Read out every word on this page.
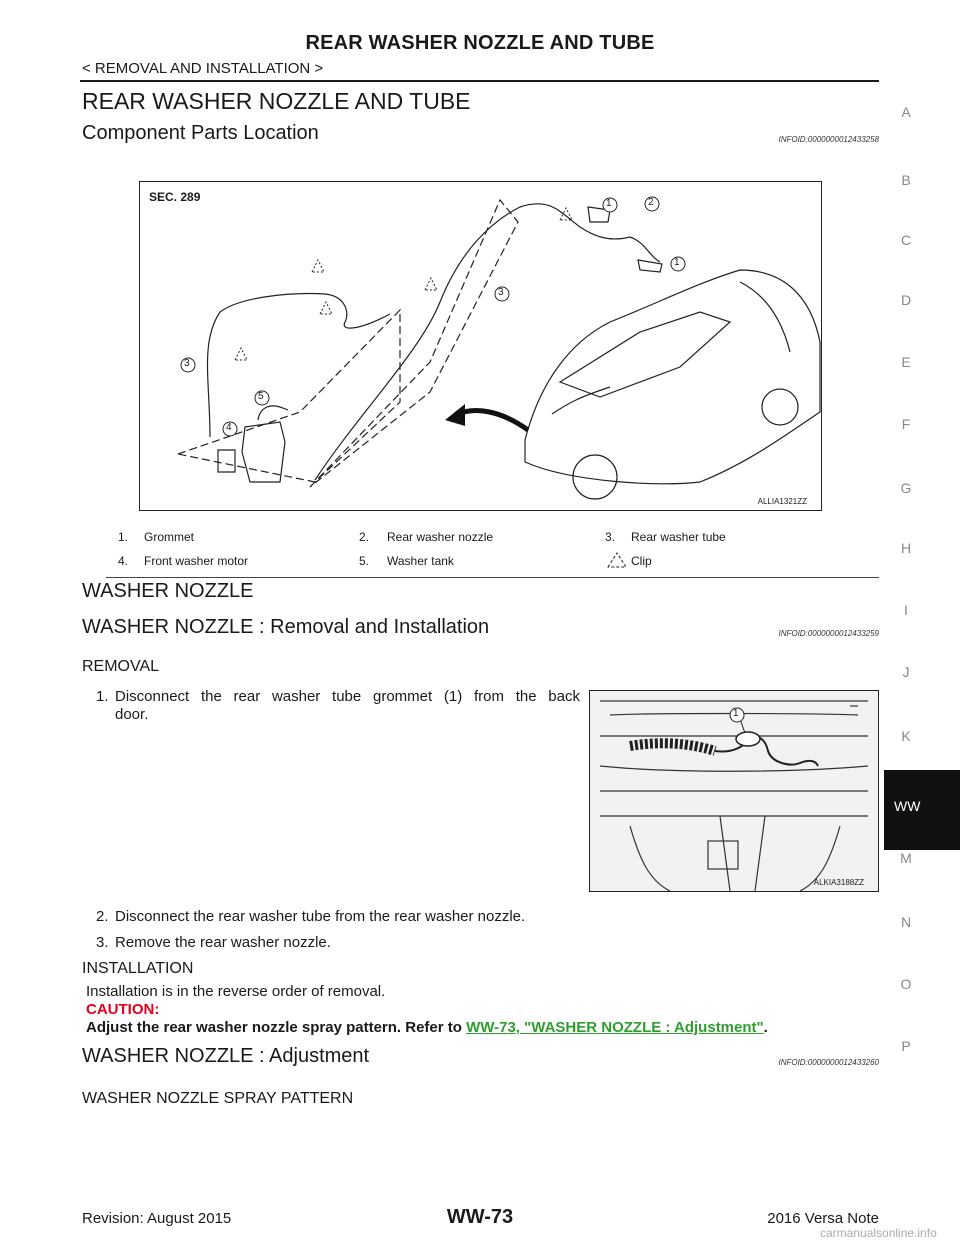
REAR WASHER NOZZLE AND TUBE
< REMOVAL AND INSTALLATION >
A
B
C
D
E
F
G
H
I
J
K
M
N
O
P
WW
REAR WASHER NOZZLE AND TUBE
Component Parts Location	INFOID:0000000012433258
SEC. 289	1	2
1
3
3
5
4
ALLIA1321ZZ
1. Grommet	2. Rear washer nozzle	3. Rear washer tube
4. Front washer motor	5. Washer tank	Clip
WASHER NOZZLE
WASHER NOZZLE : Removal and Installation	INFOID:0000000012433259
REMOVAL
1. Disconnect the rear washer tube grommet (1) from the back
door.	1
ALKIA3188ZZ
2. Disconnect the rear washer tube from the rear washer nozzle.
3. Remove the rear washer nozzle.
INSTALLATION
Installation is in the reverse order of removal.
CAUTION:
Adjust the rear washer nozzle spray pattern. Refer to WW-73, "WASHER NOZZLE : Adjustment".
WASHER NOZZLE : Adjustment	INFOID:0000000012433260
WASHER NOZZLE SPRAY PATTERN
Revision: August 2015	WW-73	2016 Versa Note
carmanualsonline.info
